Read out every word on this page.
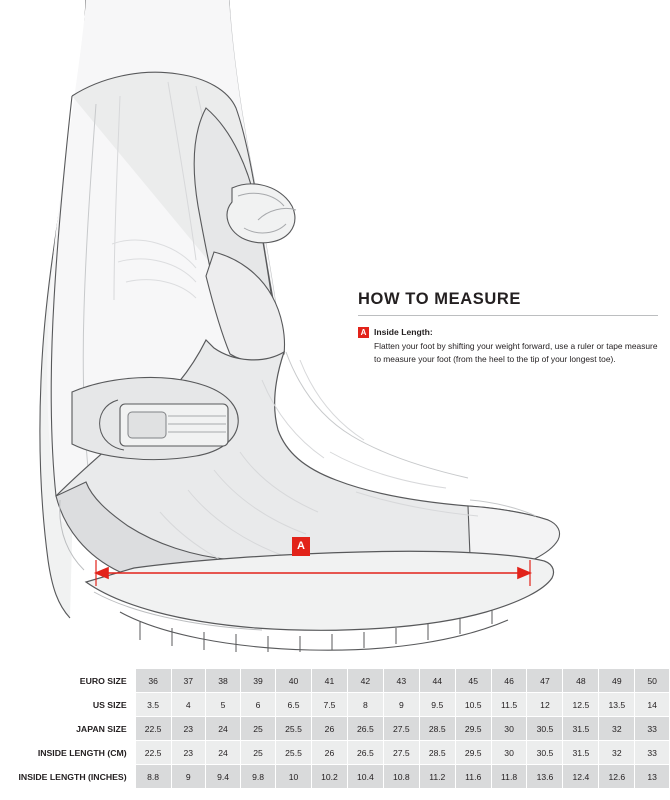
A
HOW TO MEASURE
A Inside Length:
Flatten your foot by shifting your weight forward, use a ruler or tape measure to measure your foot (from the heel to the tip of your longest toe).
EURO SIZE	36	37	38	39	40	41	42	43	44	45	46	47	48	49	50
US SIZE	3.5	4	5	6	6.5	7.5	8	9	9.5	10.5	11.5	12	12.5	13.5	14
JAPAN SIZE	22.5	23	24	25	25.5	26	26.5	27.5	28.5	29.5	30	30.5	31.5	32	33
INSIDE LENGTH (CM)	22.5	23	24	25	25.5	26	26.5	27.5	28.5	29.5	30	30.5	31.5	32	33
INSIDE LENGTH (INCHES)	8.8	9	9.4	9.8	10	10.2	10.4	10.8	11.2	11.6	11.8	13.6	12.4	12.6	13
